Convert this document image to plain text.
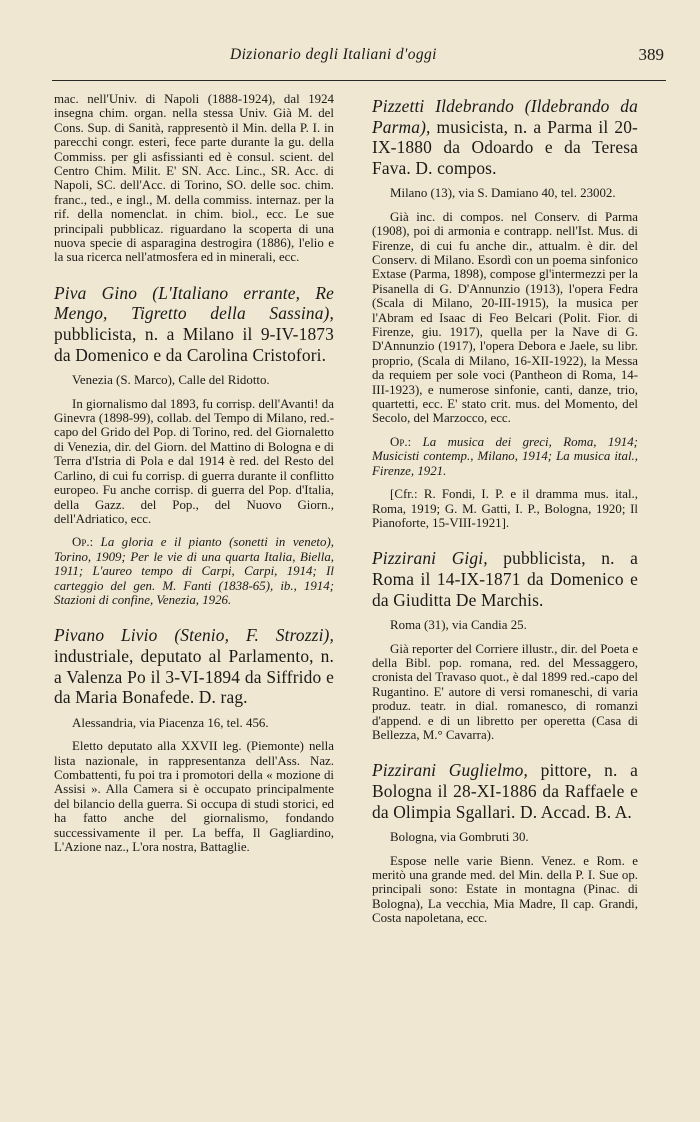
Dizionario degli Italiani d'oggi	389

mac. nell'Univ. di Napoli (1888-1924), dal 1924 insegna chim. organ. nella stessa Univ. Già M. del Cons. Sup. di Sanità, rappresentò il Min. della P. I. in parecchi congr. esteri, fece parte durante la gu. della Commiss. per gli asfissianti ed è consul. scient. del Centro Chim. Milit. E' SN. Acc. Linc., SR. Acc. di Napoli, SC. dell'Acc. di Torino, SO. delle soc. chim. franc., ted., e ingl., M. della commiss. internaz. per la rif. della nomenclat. in chim. biol., ecc. Le sue principali pubblicaz. riguardano la scoperta di una nuova specie di asparagina destrogira (1886), l'elio e la sua ricerca nell'atmosfera ed in minerali, ecc.

Piva Gino (L'Italiano errante, Re Mengo, Tigretto della Sassina), pubblicista, n. a Milano il 9-IV-1873 da Domenico e da Carolina Cristofori.

Venezia (S. Marco), Calle del Ridotto.

In giornalismo dal 1893, fu corrisp. dell'Avanti! da Ginevra (1898-99), collab. del Tempo di Milano, red.-capo del Grido del Pop. di Torino, red. del Giornaletto di Venezia, dir. del Giorn. del Mattino di Bologna e di Terra d'Istria di Pola e dal 1914 è red. del Resto del Carlino, di cui fu corrisp. di guerra durante il conflitto europeo. Fu anche corrisp. di guerra del Pop. d'Italia, della Gazz. del Pop., del Nuovo Giorn., dell'Adriatico, ecc.

Op.: La gloria e il pianto (sonetti in veneto), Torino, 1909; Per le vie di una quarta Italia, Biella, 1911; L'aureo tempo di Carpi, Carpi, 1914; Il carteggio del gen. M. Fanti (1838-65), ib., 1914; Stazioni di confine, Venezia, 1926.

Pivano Livio (Stenio, F. Strozzi), industriale, deputato al Parlamento, n. a Valenza Po il 3-VI-1894 da Siffrido e da Maria Bonafede. D. rag.

Alessandria, via Piacenza 16, tel. 456.

Eletto deputato alla XXVII leg. (Piemonte) nella lista nazionale, in rappresentanza dell'Ass. Naz. Combattenti, fu poi tra i promotori della « mozione di Assisi ». Alla Camera si è occupato principalmente del bilancio della guerra. Si occupa di studi storici, ed ha fatto anche del giornalismo, fondando successivamente il per. La beffa, Il Gagliardino, L'Azione naz., L'ora nostra, Battaglie.

Pizzetti Ildebrando (Ildebrando da Parma), musicista, n. a Parma il 20-IX-1880 da Odoardo e da Teresa Fava. D. compos.

Milano (13), via S. Damiano 40, tel. 23002.

Già inc. di compos. nel Conserv. di Parma (1908), poi di armonia e contrapp. nell'Ist. Mus. di Firenze, di cui fu anche dir., attualm. è dir. del Conserv. di Milano. Esordì con un poema sinfonico Extase (Parma, 1898), compose gl'intermezzi per la Pisanella di G. D'Annunzio (1913), l'opera Fedra (Scala di Milano, 20-III-1915), la musica per l'Abram ed Isaac di Feo Belcari (Polit. Fior. di Firenze, giu. 1917), quella per la Nave di G. D'Annunzio (1917), l'opera Debora e Jaele, su libr. proprio, (Scala di Milano, 16-XII-1922), la Messa da requiem per sole voci (Pantheon di Roma, 14-III-1923), e numerose sinfonie, canti, danze, trio, quartetti, ecc. E' stato crit. mus. del Momento, del Secolo, del Marzocco, ecc.

Op.: La musica dei greci, Roma, 1914; Musicisti contemp., Milano, 1914; La musica ital., Firenze, 1921.

[Cfr.: R. Fondi, I. P. e il dramma mus. ital., Roma, 1919; G. M. Gatti, I. P., Bologna, 1920; Il Pianoforte, 15-VIII-1921].

Pizzirani Gigi, pubblicista, n. a Roma il 14-IX-1871 da Domenico e da Giuditta De Marchis.

Roma (31), via Candia 25.

Già reporter del Corriere illustr., dir. del Poeta e della Bibl. pop. romana, red. del Messaggero, cronista del Travaso quot., è dal 1899 red.-capo del Rugantino. E' autore di versi romaneschi, di varia produz. teatr. in dial. romanesco, di romanzi d'append. e di un libretto per operetta (Casa di Bellezza, M.° Cavarra).

Pizzirani Guglielmo, pittore, n. a Bologna il 28-XI-1886 da Raffaele e da Olimpia Sgallari. D. Accad. B. A.

Bologna, via Gombruti 30.

Espose nelle varie Bienn. Venez. e Rom. e meritò una grande med. del Min. della P. I. Sue op. principali sono: Estate in montagna (Pinac. di Bologna), La vecchia, Mia Madre, Il cap. Grandi, Costa napoletana, ecc.
